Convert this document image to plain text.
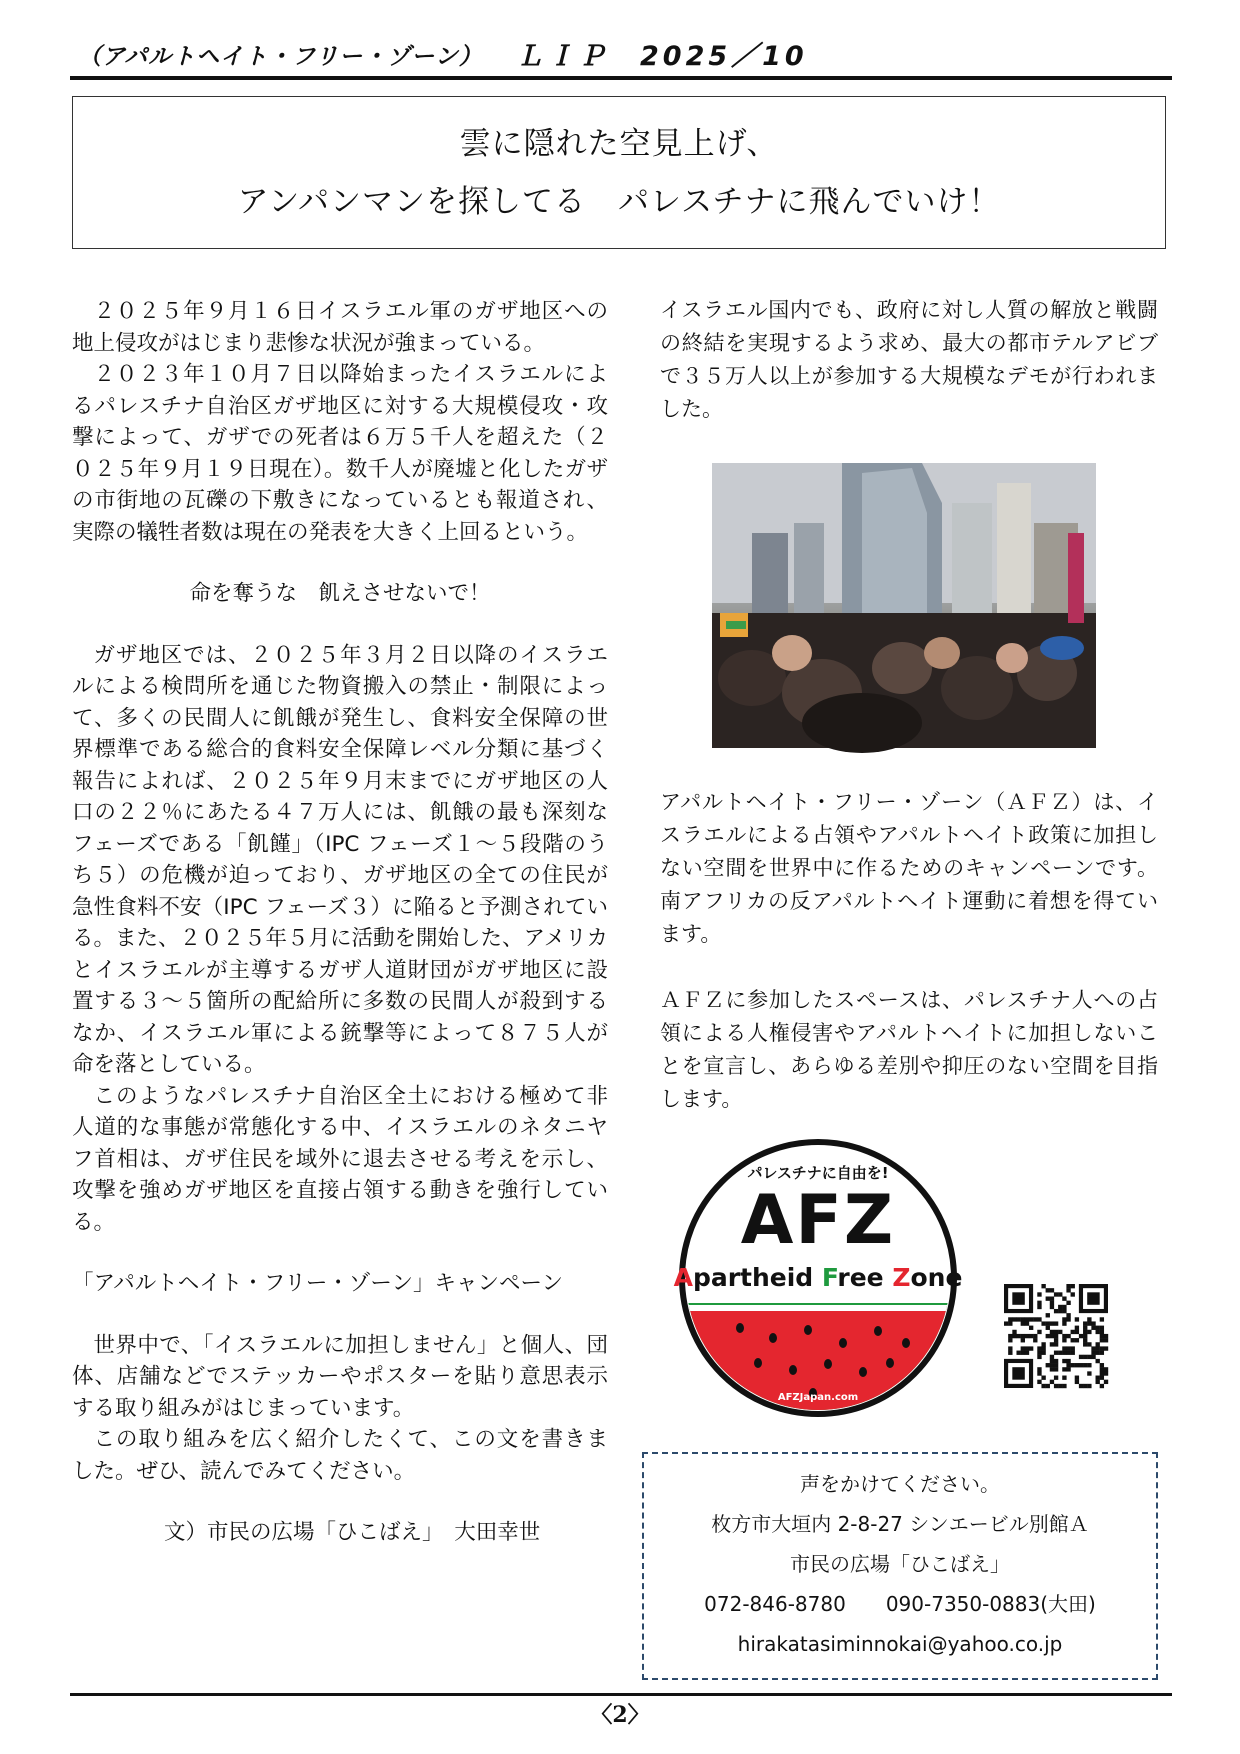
（アパルトヘイト・フリー・ゾーン） ＬＩＰ　2025／10
雲に隠れた空見上げ、
アンパンマンを探してる　パレスチナに飛んでいけ！

２０２５年９月１６日イスラエル軍のガザ地区への地上侵攻がはじまり悲惨な状況が強まっている。

２０２３年１０月７日以降始まったイスラエルによるパレスチナ自治区ガザ地区に対する大規模侵攻・攻撃によって、ガザでの死者は６万５千人を超えた（２０２５年９月１９日現在）。数千人が廃墟と化したガザの市街地の瓦礫の下敷きになっているとも報道され、実際の犠牲者数は現在の発表を大きく上回るという。

命を奪うな　飢えさせないで！

ガザ地区では、２０２５年３月２日以降のイスラエルによる検問所を通じた物資搬入の禁止・制限によって、多くの民間人に飢餓が発生し、食料安全保障の世界標準である総合的食料安全保障レベル分類に基づく報告によれば、２０２５年９月末までにガザ地区の人口の２２％にあたる４７万人には、飢餓の最も深刻なフェーズである「飢饉」（IPC フェーズ１〜５段階のうち５）の危機が迫っており、ガザ地区の全ての住民が急性食料不安（IPC フェーズ３）に陥ると予測されている。また、２０２５年５月に活動を開始した、アメリカとイスラエルが主導するガザ人道財団がガザ地区に設置する３〜５箇所の配給所に多数の民間人が殺到するなか、イスラエル軍による銃撃等によって８７５人が命を落としている。

このようなパレスチナ自治区全土における極めて非人道的な事態が常態化する中、イスラエルのネタニヤフ首相は、ガザ住民を域外に退去させる考えを示し、攻撃を強めガザ地区を直接占領する動きを強行している。

「アパルトヘイト・フリー・ゾーン」キャンペーン

世界中で、「イスラエルに加担しません」と個人、団体、店舗などでステッカーやポスターを貼り意思表示する取り組みがはじまっています。

この取り組みを広く紹介したくて、この文を書きました。ぜひ、読んでみてください。

文）市民の広場「ひこばえ」　大田幸世

イスラエル国内でも、政府に対し人質の解放と戦闘の終結を実現するよう求め、最大の都市テルアビブで３５万人以上が参加する大規模なデモが行われました。

アパルトヘイト・フリー・ゾーン（ＡＦＺ）は、イスラエルによる占領やアパルトヘイト政策に加担しない空間を世界中に作るためのキャンペーンです。南アフリカの反アパルトヘイト運動に着想を得ています。

ＡＦＺに参加したスペースは、パレスチナ人への占領による人権侵害やアパルトヘイトに加担しないことを宣言し、あらゆる差別や抑圧のない空間を目指します。

パレスチナに自由を!
AFZ
Apartheid Free Zone
AFZJapan.com
声をかけてください。
枚方市大垣内 2-8-27 シンエービル別館Ａ
市民の広場「ひこばえ」
072-846-8780 090-7350-0883(大田)
hirakatasiminnokai@yahoo.co.jp
〈2〉
